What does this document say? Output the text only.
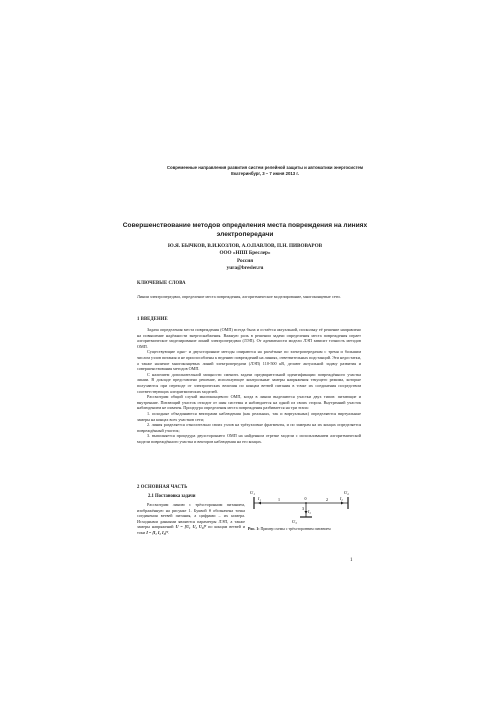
Современные направления развития систем релейной защиты и автоматики энергосистем
Екатеринбург, 3 – 7 июня 2013 г.
Совершенствование методов определения места повреждения на линиях электропередачи
Ю.Я. БЫЧКОВ, В.И.КОЗЛОВ, А.О.ПАВЛОВ, П.Н. ПИВОВАРОВ
ООО «НПП Бреслер»
Россия
yura@bresler.ru
КЛЮЧЕВЫЕ СЛОВА

Линии электропередачи, определение места повреждения, алгоритмическое моделирование, многоконцевые сети.

1 ВВЕДЕНИЕ

Задача определения места повреждения (ОМП) всегда была и остаётся актуальной, поскольку её решение направлено на повышение надёжности энергоснабжения. Важную роль в решении задачи определения места повреждения играет алгоритмическое моделирование линий электропередачи (ЛЭП). От адекватности модели ЛЭП зависит точность методов ОМП.

Существующие одно- и двухсторонние методы опираются на расчётные по электропередачам с тремя и большим числом узлов питания и не приспособлены к ведению повреждений на линиях, ответвительных подстанций. Эти недостатки, а также наличие многоконцевых линий электропередачи (ЛЭП) 110-500 кВ, делают актуальной задачу развития и совершенствования методов ОМП.

С наличием дополнительной мощности сменить задачи предварительной идентификации повреждённого участка линии. В докладе представлено решение, использующее контрольные замеры напряжения текущего режима, которые получаются при переходе от электрических величин по концам ветвей питания в точке их соединения посредством соответствующих алгоритмических моделей.

Рассмотрим общий случай многоконцевого ОМП, когда в линии выделяются участки двух типов: питающие и внутренние. Питающий участок отходит от шин системы и наблюдается на одной из своих сторон. Внутренний участок наблюдением не охвачен. Процедура определения места повреждения разбивается на три этапа:

1. исходные объединяются векторами наблюдения (как реальных, так и виртуальных) определяются виртуальные замеры на концах всех участков сети;

2. линия разделяется относительно своих узлов на трёхузловые фрагменты, и по замерам на их концах определяется повреждённый участок;

3. выполняется процедура двухстороннего ОМП на найденном отрезке модели с использованием алгоритмической модели повреждённого участка и векторов наблюдения на его концах.

2 ОСНОВНАЯ ЧАСТЬ
2.1 Постановка задачи

Рассмотрим линию с трёхсторонним питанием, изображённую на рисунке 1. Буквой θ обозначена точка соединения ветвей питания, а цифрами – их номера. Исходными данными являются параметры ЛЭП, а также замеры напряжений U = [U₁ U₂ U₃]ᵀ по концам ветвей и токи I = [I₁ I₂ I₃]ᵀ.

U₁	U₂
U₃
I₁	I₂
I₃
1	2
3
0
Рис. 1: Пример схемы с трёхсторонним питанием
1
